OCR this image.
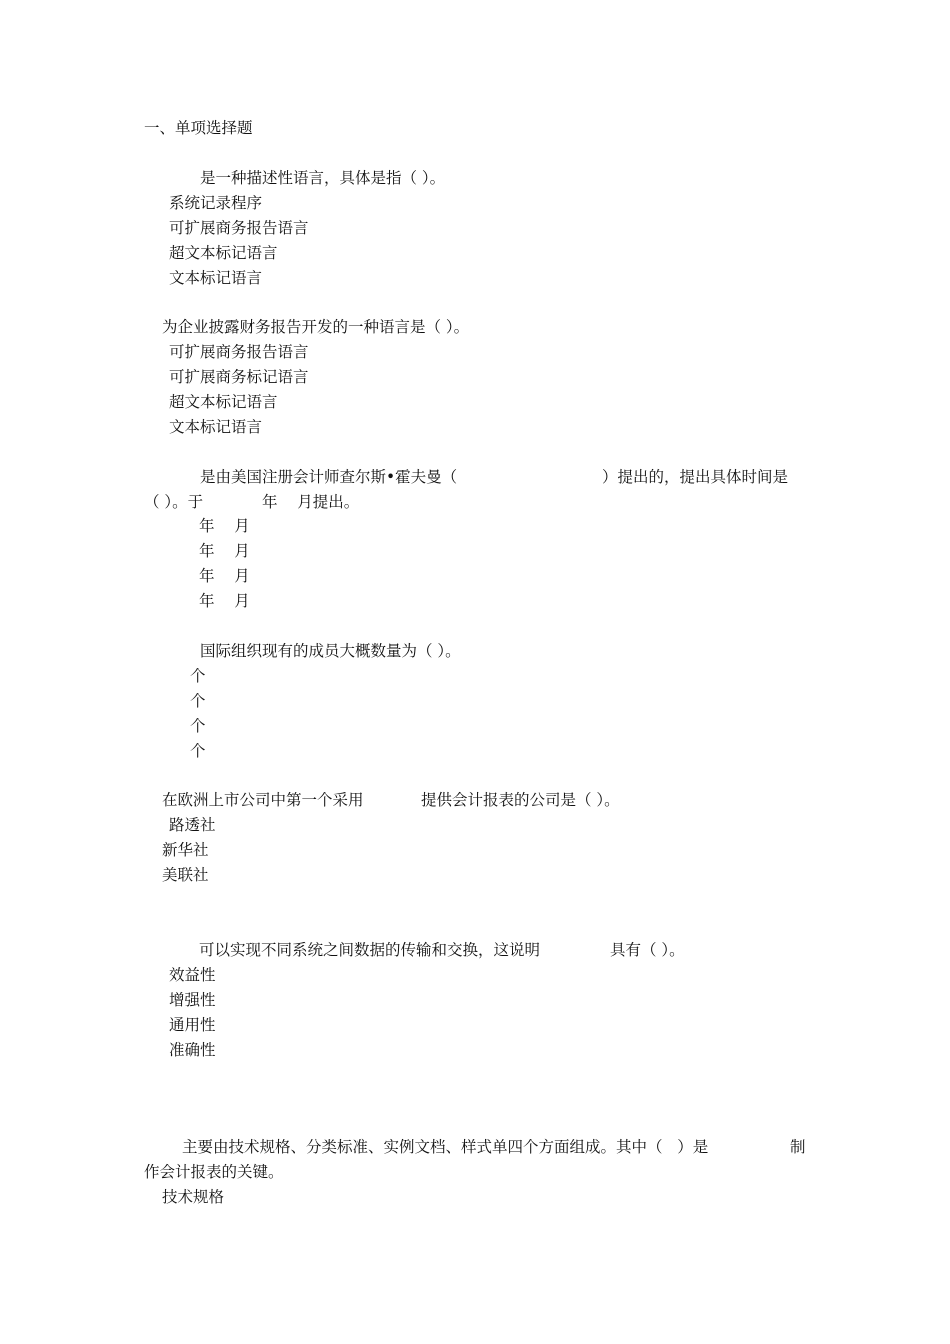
一、单项选择题
是一种描述性语言，具体是指（ ）。
系统记录程序
可扩展商务报告语言
超文本标记语言
文本标记语言
为企业披露财务报告开发的一种语言是（ ）。
可扩展商务报告语言
可扩展商务标记语言
超文本标记语言
文本标记语言
是由美国注册会计师查尔斯•霍夫曼（	）提出的，提出具体时间是
（ ）。于	年    月提出。
年    月
年    月
年    月
年    月
国际组织现有的成员大概数量为（ ）。
个
个
个
个
在欧洲上市公司中第一个采用	提供会计报表的公司是（ ）。
路透社
新华社
美联社
可以实现不同系统之间数据的传输和交换，这说明	具有（ ）。
效益性
增强性
通用性
准确性
主要由技术规格、分类标准、实例文档、样式单四个方面组成。其中（   ）是	制
作会计报表的关键。
技术规格
